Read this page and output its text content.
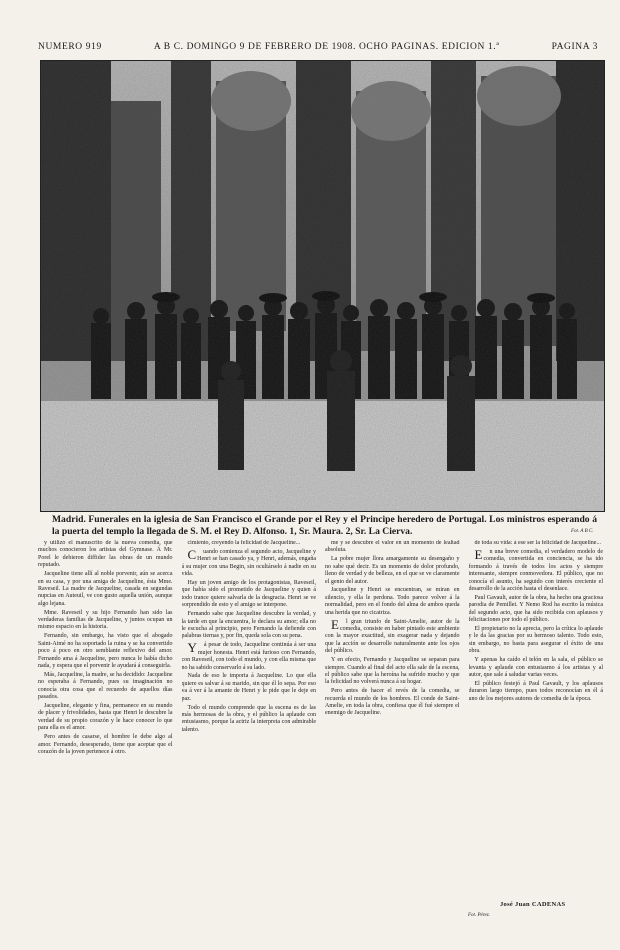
NUMERO 919	A B C. DOMINGO 9 DE FEBRERO DE 1908. OCHO PAGINAS. EDICION 1.ª	PAGINA 3
Madrid. Funerales en la iglesia de San Francisco el Grande por el Rey y el Principe heredero de Portugal. Los ministros esperando á la puerta del templo la llegada de S. M. el Rey D. Alfonso. 1, Sr. Maura. 2, Sr. La Cierva.	Fot. A B C.

y utilizó el manuscrito de la nueva comedia, que muchos conocieron los artistas del Gymnase. Á Mr. Porel le debieron diffider las obras de un mundo reputado.

Jacqueline tiene allí al noble porvenir, aún se acerca en su casa, y por una amiga de Jacqueline, ésta Mme. Raveseil. La madre de Jacqueline, casada en segundas nupcias en Auteuil, ve con gusto aquella unión, aunque algo lejana.

Mme. Raveseil y su hijo Fernando han sido las verdaderas familias de Jacqueline, y juntos ocupan un mismo espacio en la historia.

Fernando, sin embargo, ha visto que el abogado Saint-Aimé no ha soportado la ruina y se ha convertido poco á poco en otro semblante reflexivo del amor. Fernando ama á Jacqueline, pero nunca le había dicho nada, y espera que el porvenir le ayudará á conseguirla.

Más, Jacqueline, la madre, se ha decidido: Jacqueline no esperaba á Fernando, pues su imaginación no conocía otra cosa que el recuerdo de aquellos días pasados.

Jacqueline, elegante y fina, permanece en su mundo de placer y frivolidades, hasta que Henri le descubre la verdad de su propio corazón y le hace conocer lo que para ella es el amor.

Pero antes de casarse, el hombre le debe algo al amor. Fernando, desesperado, tiene que aceptar que el corazón de la joven pertenece á otro.

cimiento, creyendo la felicidad de Jacqueline...

Cuando comienza el segundo acto, Jacqueline y Henri se han casado ya, y Henri, además, engaña á su mujer con una Begin, sin ocultárselo á nadie en su vida.

Hay un joven amigo de los protagonistas, Raveseil, que había sido el prometido de Jacqueline y quien á todo trance quiere salvarla de la desgracia. Henri se ve sorprendido de esto y el amigo se interpone.

Fernando sabe que Jacqueline descubre la verdad, y la tarde en que la encuentra, le declara su amor; ella no le escucha al principio, pero Fernando la defiende con palabras tiernas y, por fin, queda sola con su pena.

Yá pesar de todo, Jacqueline continúa á ser una mujer honesta. Henri está furioso con Fernando, con Raveseil, con todo el mundo, y con ella misma que no ha sabido conservarlo á su lado.

Nada de eso le importa á Jacqueline. Lo que ella quiere es salvar á su marido, sin que él lo sepa. Por eso va á ver á la amante de Henri y le pide que le deje en paz.

Todo el mundo comprende que la escena es de las más hermosas de la obra, y el público la aplaude con entusiasmo, porque la actriz la interpreta con admirable talento.

me y se descubre el valor en un momento de lealtad absoluta.

La pobre mujer llora amargamente su desengaño y no sabe qué decir. Es un momento de dolor profundo, lleno de verdad y de belleza, en el que se ve claramente el genio del autor.

Jacqueline y Henri se encuentran, se miran en silencio, y ella le perdona. Todo parece volver á la normalidad, pero en el fondo del alma de ambos queda una herida que no cicatriza.

El gran triunfo de Saint-Amelie, autor de la comedia, consiste en haber pintado este ambiente con la mayor exactitud, sin exagerar nada y dejando que la acción se desarrolle naturalmente ante los ojos del público.

Y en efecto, Fernando y Jacqueline se separan para siempre. Cuando al final del acto ella sale de la escena, el público sabe que la heroína ha sufrido mucho y que la felicidad no volverá nunca á su hogar.

Pero antes de hacer el revés de la comedia, se recuerda el mundo de los hombres. El conde de Saint-Amelie, en toda la obra, confiesa que él fué siempre el enemigo de Jacqueline.

de toda su vida: á ese ser la felicidad de Jacqueline...

En una breve comedia, el verdadero modelo de comedia, convertida en conciencia, se ha ido formando á través de todos los actos y siempre interesante, siempre conmovedora. El público, que no conocía el asunto, ha seguido con interés creciente el desarrollo de la acción hasta el desenlace.

Paul Gavault, autor de la obra, ha hecho una graciosa parodia de Pemillet. Y Nemo Rod ha escrito la música del segundo acto, que ha sido recibida con aplausos y felicitaciones por todo el público.

El propietario no la aprecia, pero la crítica lo aplaude y le da las gracias por su hermoso talento. Todo esto, sin embargo, no basta para asegurar el éxito de una obra.

Y apenas ha caído el telón en la sala, el público se levanta y aplaude con entusiasmo á los artistas y al autor, que sale á saludar varias veces.

El público festejó á Paul Gavault, y los aplausos duraron largo tiempo, pues todos reconocían en él á uno de los mejores autores de comedia de la época.

José Juan CADENAS
Fot. Pérez.
